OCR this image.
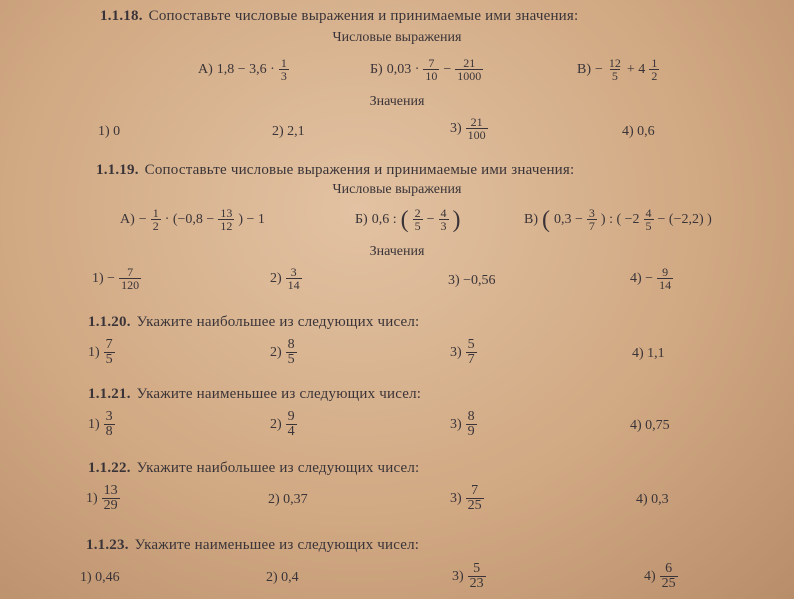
1.1.18. Сопоставьте числовые выражения и принимаемые ими значения:
Числовые выражения
А) $1,8 - 3,6 \cdot \frac{1}{3}$	Б) $0,03 \cdot \frac{7}{10} - \frac{21}{1000}$	$В) - \frac{12}{5} + 4 \frac{1}{2}$
Значения
1) 0	2) 2,1	$3) \frac{21}{100}$	4) 0,6
1.1.19. Сопоставьте числовые выражения и принимаемые ими значения:
Числовые выражения
$А) - \frac{1}{2} \cdot (-0,8 - \frac{13}{12}$ ) − 1	Б) 0,6 : ( $\frac{2}{5} - \frac{4}{3}$ )	В) ( $0,3 - \frac{3}{7}$ ) : ( $-2 \frac{4}{5} - (-2,2)$ )
Значения
$1) - \frac{7}{120}$	$2) \frac{3}{14}$	3) −0,56	$4) - \frac{9}{14}$
1.1.20. Укажите наибольшее из следующих чисел:
$1) \frac{7}{5}$	$2) \frac{8}{5}$	$3) \frac{5}{7}$	4) 1,1
1.1.21. Укажите наименьшее из следующих чисел:
$1) \frac{3}{8}$	$2) \frac{9}{4}$	$3) \frac{8}{9}$	4) 0,75
1.1.22. Укажите наибольшее из следующих чисел:
$1) \frac{13}{29}$	2) 0,37	$3) \frac{7}{25}$	4) 0,3
1.1.23. Укажите наименьшее из следующих чисел:
1) 0,46	2) 0,4	$3) \frac{5}{23}$	$4) \frac{6}{25}$
